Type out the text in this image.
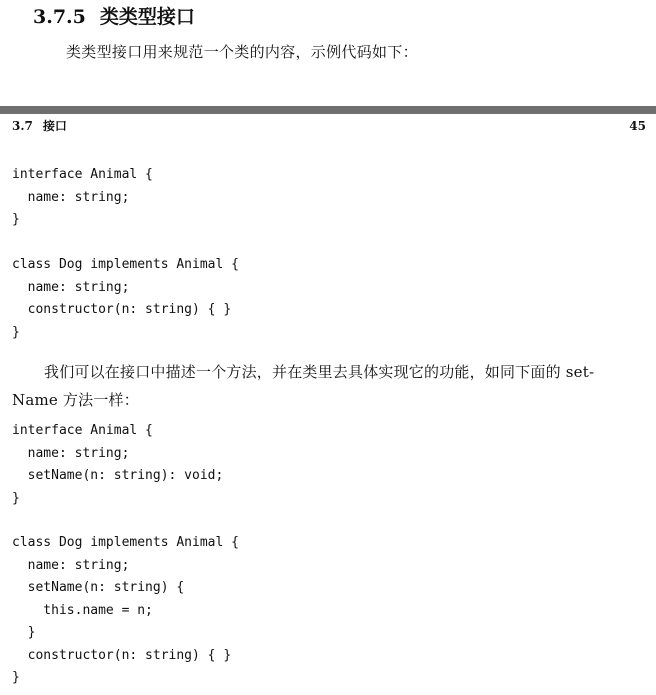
3.7.5 类类型接口
类类型接口用来规范一个类的内容，示例代码如下：
3.7 接口	45
interface Animal {
name: string;
}
class Dog implements Animal {
name: string;
constructor(n: string) { }
}
我们可以在接口中描述一个方法，并在类里去具体实现它的功能，如同下面的 set-
Name 方法一样：
interface Animal {
name: string;
setName(n: string): void;
}
class Dog implements Animal {
name: string;
setName(n: string) {
this.name = n;
}
constructor(n: string) { }
}
